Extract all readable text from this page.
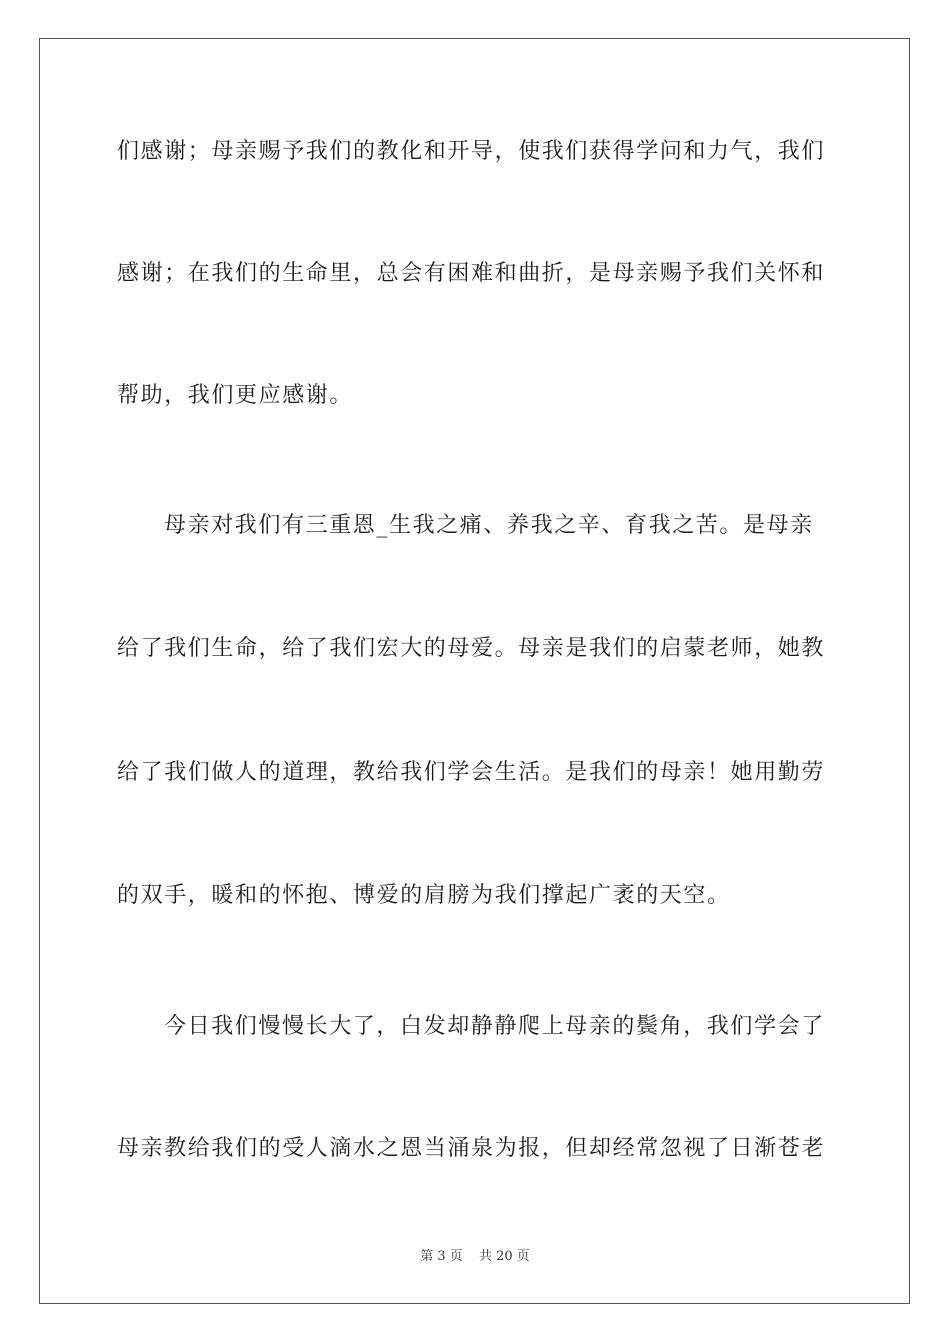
们感谢；母亲赐予我们的教化和开导，使我们获得学问和力气，我们
感谢；在我们的生命里，总会有困难和曲折，是母亲赐予我们关怀和
帮助，我们更应感谢。
母亲对我们有三重恩_生我之痛、养我之辛、育我之苦。是母亲
给了我们生命，给了我们宏大的母爱。母亲是我们的启蒙老师，她教
给了我们做人的道理，教给我们学会生活。是我们的母亲！她用勤劳
的双手，暖和的怀抱、博爱的肩膀为我们撑起广袤的天空。
今日我们慢慢长大了，白发却静静爬上母亲的鬓角，我们学会了
母亲教给我们的受人滴水之恩当涌泉为报，但却经常忽视了日渐苍老
第 3 页 共 20 页
